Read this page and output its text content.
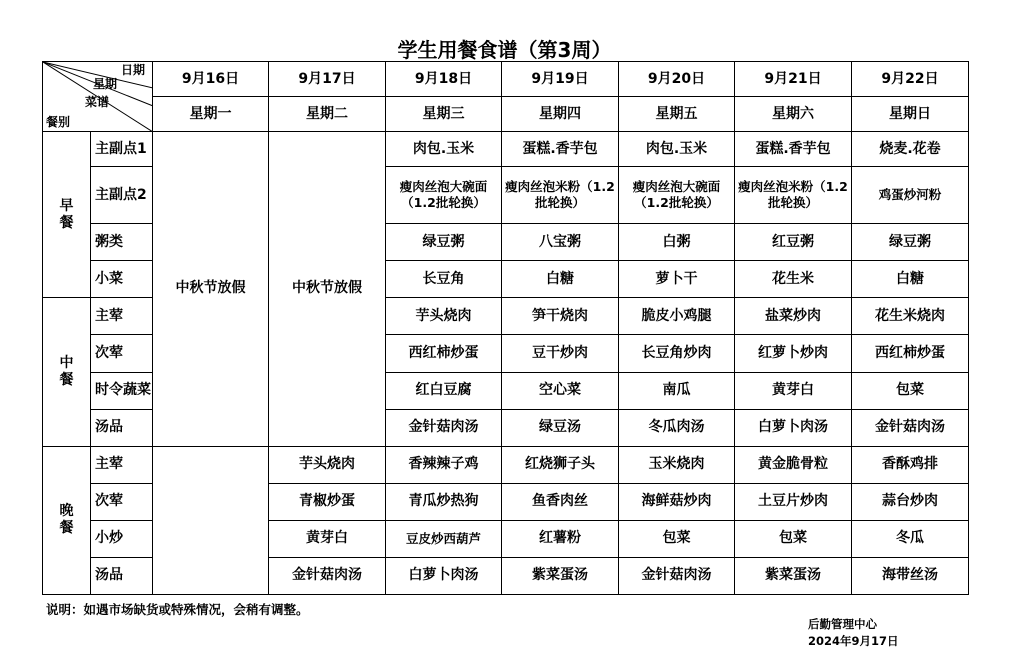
学生用餐食谱（第3周）
日期
星期
菜谱
餐别		9月16日	9月17日	9月18日	9月19日	9月20日	9月21日	9月22日
		星期一	星期二	星期三	星期四	星期五	星期六	星期日
早
餐	主副点1	中秋节放假	中秋节放假	肉包.玉米	蛋糕.香芋包	肉包.玉米	蛋糕.香芋包	烧麦.花卷
	主副点2			瘦肉丝泡大碗面（1.2批轮换）	瘦肉丝泡米粉（1.2批轮换）	瘦肉丝泡大碗面（1.2批轮换）	瘦肉丝泡米粉（1.2批轮换）	鸡蛋炒河粉
	粥类			绿豆粥	八宝粥	白粥	红豆粥	绿豆粥
	小菜			长豆角	白糖	萝卜干	花生米	白糖
中
餐	主荤			芋头烧肉	笋干烧肉	脆皮小鸡腿	盐菜炒肉	花生米烧肉
	次荤			西红柿炒蛋	豆干炒肉	长豆角炒肉	红萝卜炒肉	西红柿炒蛋
	时令蔬菜			红白豆腐	空心菜	南瓜	黄芽白	包菜
	汤品			金针菇肉汤	绿豆汤	冬瓜肉汤	白萝卜肉汤	金针菇肉汤
晚
餐	主荤		芋头烧肉	香辣辣子鸡	红烧狮子头	玉米烧肉	黄金脆骨粒	香酥鸡排
	次荤		青椒炒蛋	青瓜炒热狗	鱼香肉丝	海鲜菇炒肉	土豆片炒肉	蒜台炒肉
	小炒		黄芽白	豆皮炒西葫芦	红薯粉	包菜	包菜	冬瓜
	汤品		金针菇肉汤	白萝卜肉汤	紫菜蛋汤	金针菇肉汤	紫菜蛋汤	海带丝汤
说明：如遇市场缺货或特殊情况，会稍有调整。
后勤管理中心
2024年9月17日
